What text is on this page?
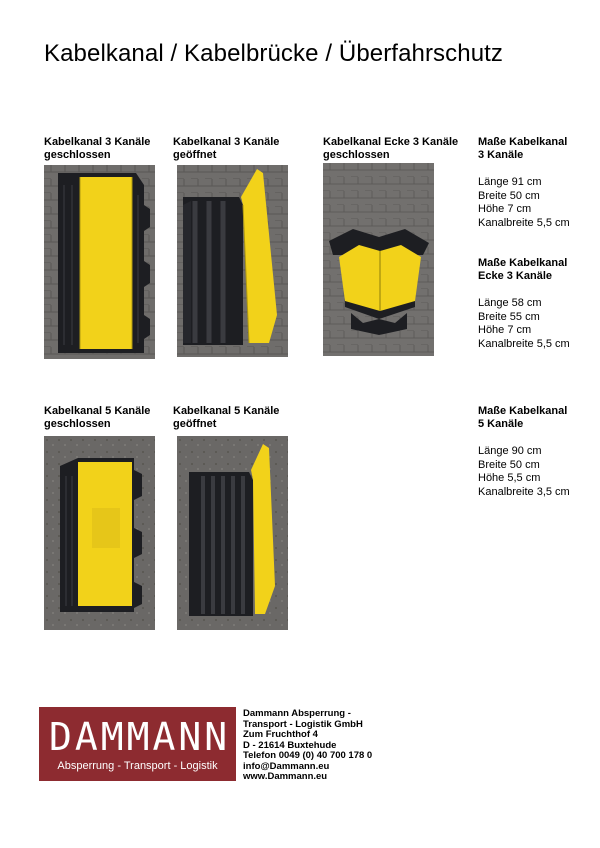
Kabelkanal / Kabelbrücke / Überfahrschutz
Kabelkanal 3 Kanäle
geschlossen
Kabelkanal 3 Kanäle
geöffnet
Kabelkanal Ecke 3 Kanäle
geschlossen
Kabelkanal 5 Kanäle
geschlossen
Kabelkanal 5 Kanäle
geöffnet
Maße Kabelkanal
3 Kanäle
Länge 91 cm
Breite 50 cm
Höhe 7 cm
Kanalbreite 5,5 cm
Maße Kabelkanal
Ecke 3 Kanäle
Länge 58 cm
Breite 55 cm
Höhe 7 cm
Kanalbreite 5,5 cm
Maße Kabelkanal
5 Kanäle
Länge 90 cm
Breite 50 cm
Höhe 5,5 cm
Kanalbreite 3,5 cm
DAMMANN
Absperrung - Transport - Logistik
Dammann Absperrung -
Transport - Logistik GmbH
Zum Fruchthof 4
D - 21614 Buxtehude
Telefon 0049 (0) 40 700 178 0
info@Dammann.eu
www.Dammann.eu
